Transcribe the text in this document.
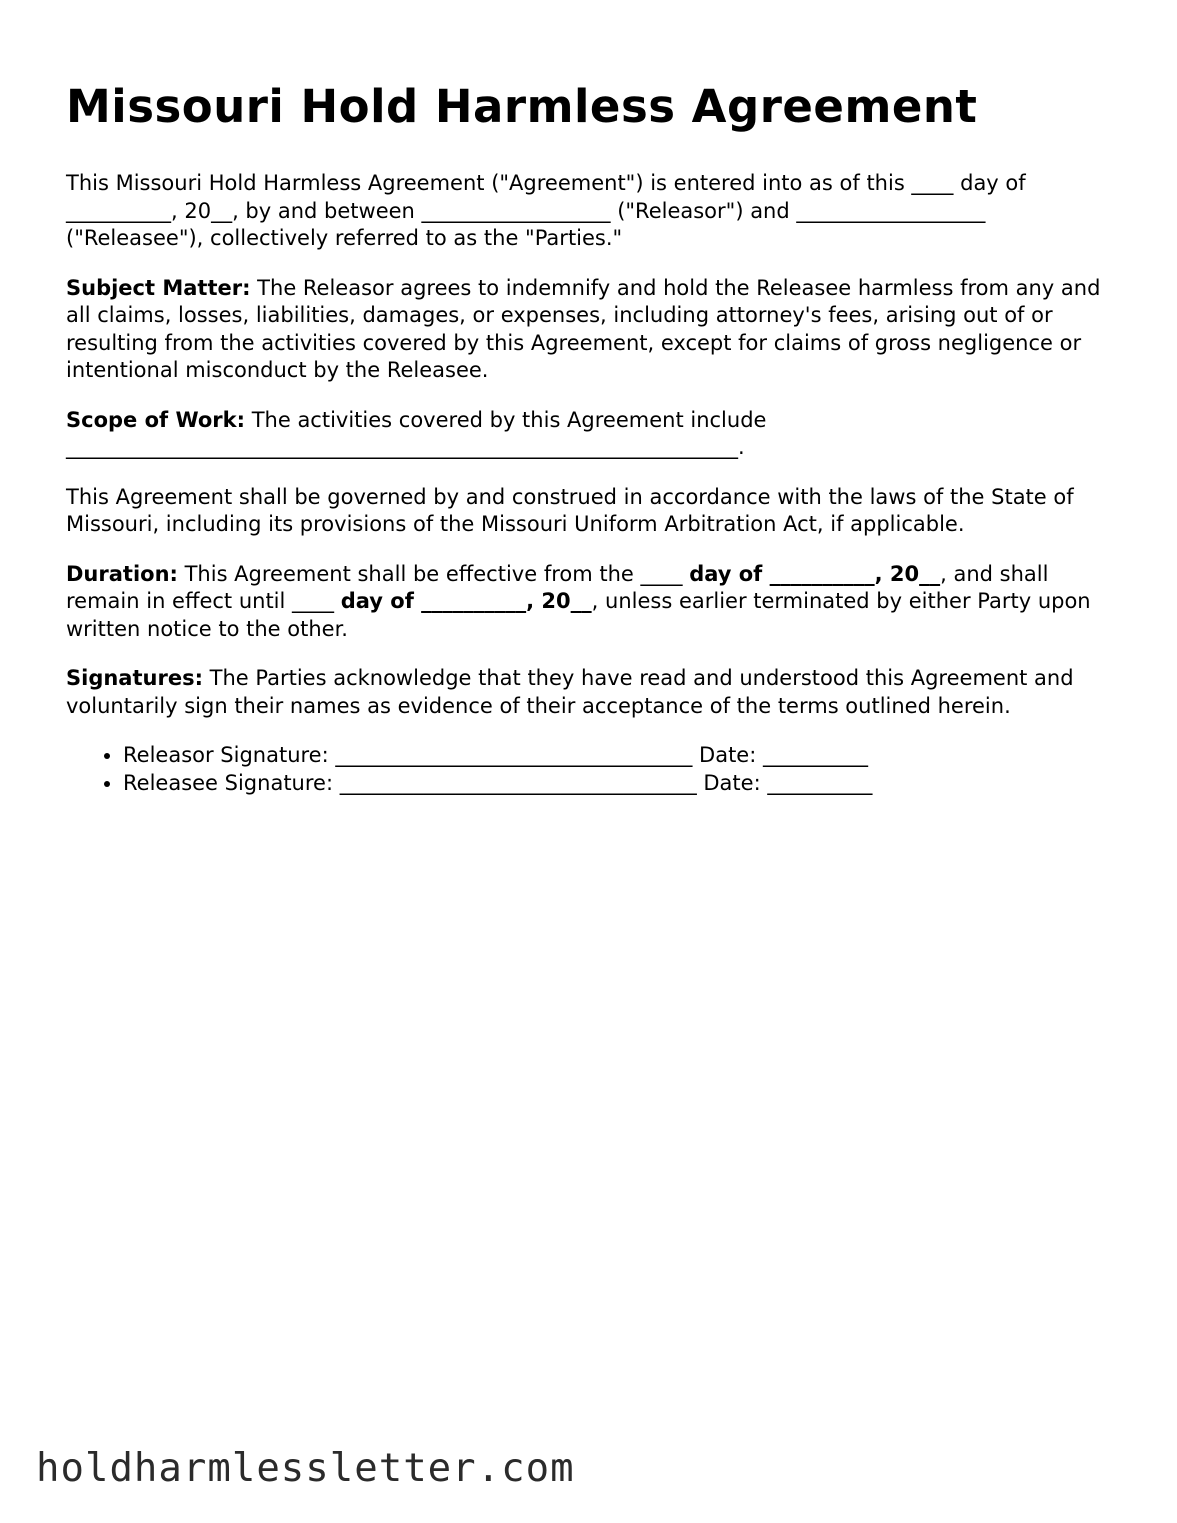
Missouri Hold Harmless Agreement

This Missouri Hold Harmless Agreement ("Agreement") is entered into as of this ____ day of __________, 20__, by and between __________________ ("Releasor") and __________________ ("Releasee"), collectively referred to as the "Parties."

Subject Matter: The Releasor agrees to indemnify and hold the Releasee harmless from any and all claims, losses, liabilities, damages, or expenses, including attorney's fees, arising out of or resulting from the activities covered by this Agreement, except for claims of gross negligence or intentional misconduct by the Releasee.

Scope of Work: The activities covered by this Agreement include ________________________________________________________________.

This Agreement shall be governed by and construed in accordance with the laws of the State of Missouri, including its provisions of the Missouri Uniform Arbitration Act, if applicable.

Duration: This Agreement shall be effective from the ____ day of __________, 20__, and shall remain in effect until ____ day of __________, 20__, unless earlier terminated by either Party upon written notice to the other.

Signatures: The Parties acknowledge that they have read and understood this Agreement and voluntarily sign their names as evidence of their acceptance of the terms outlined herein.

• Releasor Signature: __________________________________ Date: __________
• Releasee Signature: __________________________________ Date: __________
holdharmlessletter.com
